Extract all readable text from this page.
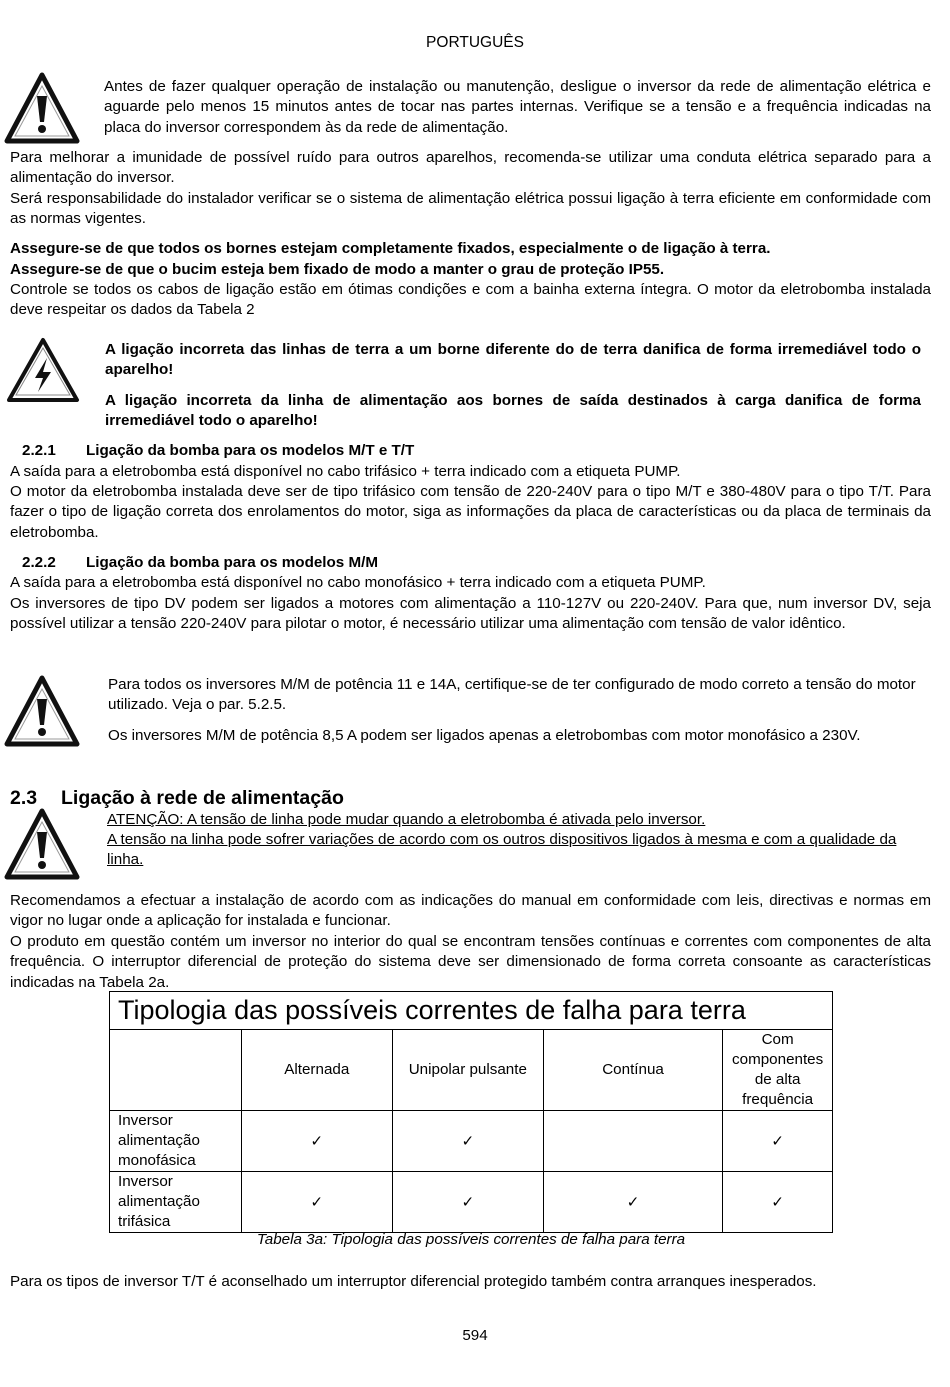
PORTUGUÊS

Antes de fazer qualquer operação de instalação ou manutenção, desligue o inversor da rede de alimentação elétrica e aguarde pelo menos 15 minutos antes de tocar nas partes internas. Verifique se a tensão e a frequência indicadas na placa do inversor correspondem às da rede de alimentação.

Para melhorar a imunidade de possível ruído para outros aparelhos, recomenda-se utilizar uma conduta elétrica separado para a alimentação do inversor.

Será responsabilidade do instalador verificar se o sistema de alimentação elétrica possui ligação à terra eficiente em conformidade com as normas vigentes.

Assegure-se de que todos os bornes estejam completamente fixados, especialmente o de ligação à terra.

Assegure-se de que o bucim esteja bem fixado de modo a manter o grau de proteção IP55.

Controle se todos os cabos de ligação estão em ótimas condições e com a bainha externa íntegra. O motor da eletrobomba instalada deve respeitar os dados da Tabela 2

A ligação incorreta das linhas de terra a um borne diferente do de terra danifica de forma irremediável todo o aparelho!

A ligação incorreta da linha de alimentação aos bornes de saída destinados à carga danifica de forma irremediável todo o aparelho!

2.2.1 Ligação da bomba para os modelos M/T e T/T

A saída para a eletrobomba está disponível no cabo trifásico + terra indicado com a etiqueta PUMP.

O motor da eletrobomba instalada deve ser de tipo trifásico com tensão de 220-240V para o tipo M/T e 380-480V para o tipo T/T. Para fazer o tipo de ligação correta dos enrolamentos do motor, siga as informações da placa de características ou da placa de terminais da eletrobomba.

2.2.2 Ligação da bomba para os modelos M/M

A saída para a eletrobomba está disponível no cabo monofásico + terra indicado com a etiqueta PUMP.

Os inversores de tipo DV podem ser ligados a motores com alimentação a 110-127V ou 220-240V. Para que, num inversor DV, seja possível utilizar a tensão 220-240V para pilotar o motor, é necessário utilizar uma alimentação com tensão de valor idêntico.

Para todos os inversores M/M de potência 11 e 14A, certifique-se de ter configurado de modo correto a tensão do motor utilizado. Veja o par. 5.2.5.

Os inversores M/M de potência 8,5 A podem ser ligados apenas a eletrobombas com motor monofásico a 230V.

2.3 Ligação à rede de alimentação

ATENÇÃO: A tensão de linha pode mudar quando a eletrobomba é ativada pelo inversor.

A tensão na linha pode sofrer variações de acordo com os outros dispositivos ligados à mesma e com a qualidade da linha.

Recomendamos a efectuar a instalação de acordo com as indicações do manual em conformidade com leis, directivas e normas em vigor no lugar onde a aplicação for instalada e funcionar.

O produto em questão contém um inversor no interior do qual se encontram tensões contínuas e correntes com componentes de alta frequência. O interruptor diferencial de proteção do sistema deve ser dimensionado de forma correta consoante as características indicadas na Tabela 2a.

Tipologia das possíveis correntes de falha para terra				
	Alternada	Unipolar pulsante	Contínua	Com componentes de alta frequência
Inversor alimentação monofásica	✓	✓		✓
Inversor alimentação trifásica	✓	✓	✓	✓
Tabela 3a: Tipologia das possíveis correntes de falha para terra

Para os tipos de inversor T/T é aconselhado um interruptor diferencial protegido também contra arranques inesperados.

594
